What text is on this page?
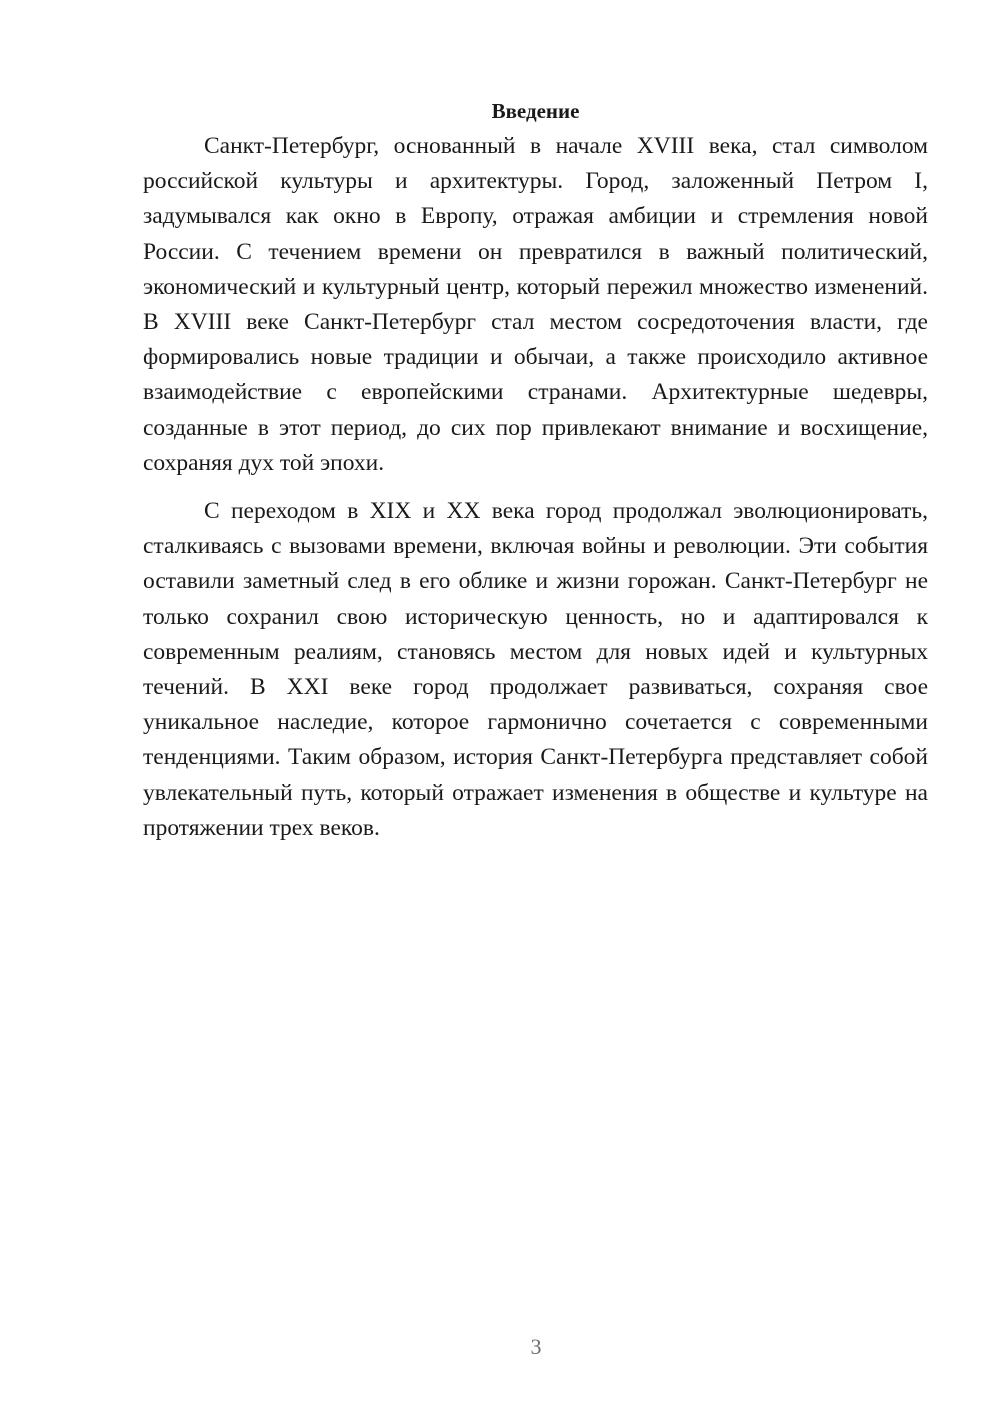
Введение

Санкт-Петербург, основанный в начале XVIII века, стал символом российской культуры и архитектуры. Город, заложенный Петром I, задумывался как окно в Европу, отражая амбиции и стремления новой России. С течением времени он превратился в важный политический, экономический и культурный центр, который пережил множество изменений. В XVIII веке Санкт-Петербург стал местом сосредоточения власти, где формировались новые традиции и обычаи, а также происходило активное взаимодействие с европейскими странами. Архитектурные шедевры, созданные в этот период, до сих пор привлекают внимание и восхищение, сохраняя дух той эпохи.

С переходом в XIX и XX века город продолжал эволюционировать, сталкиваясь с вызовами времени, включая войны и революции. Эти события оставили заметный след в его облике и жизни горожан. Санкт-Петербург не только сохранил свою историческую ценность, но и адаптировался к современным реалиям, становясь местом для новых идей и культурных течений. В XXI веке город продолжает развиваться, сохраняя свое уникальное наследие, которое гармонично сочетается с современными тенденциями. Таким образом, история Санкт-Петербурга представляет собой увлекательный путь, который отражает изменения в обществе и культуре на протяжении трех веков.

3
